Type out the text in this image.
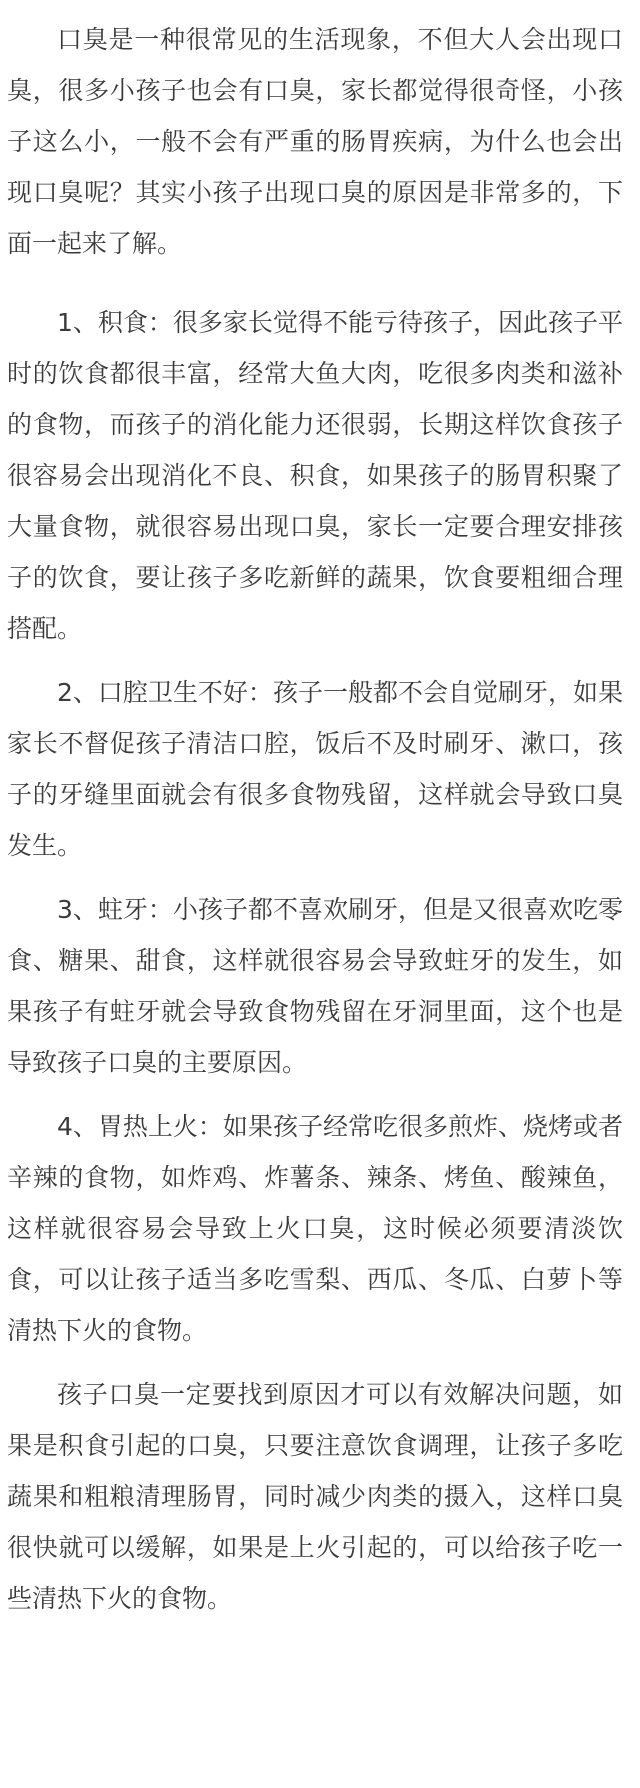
口臭是一种很常见的生活现象，不但大人会出现口臭，很多小孩子也会有口臭，家长都觉得很奇怪，小孩子这么小，一般不会有严重的肠胃疾病，为什么也会出现口臭呢？其实小孩子出现口臭的原因是非常多的，下面一起来了解。

1、积食：很多家长觉得不能亏待孩子，因此孩子平时的饮食都很丰富，经常大鱼大肉，吃很多肉类和滋补的食物，而孩子的消化能力还很弱，长期这样饮食孩子很容易会出现消化不良、积食，如果孩子的肠胃积聚了大量食物，就很容易出现口臭，家长一定要合理安排孩子的饮食，要让孩子多吃新鲜的蔬果，饮食要粗细合理搭配。

2、口腔卫生不好：孩子一般都不会自觉刷牙，如果家长不督促孩子清洁口腔，饭后不及时刷牙、漱口，孩子的牙缝里面就会有很多食物残留，这样就会导致口臭发生。

3、蛀牙：小孩子都不喜欢刷牙，但是又很喜欢吃零食、糖果、甜食，这样就很容易会导致蛀牙的发生，如果孩子有蛀牙就会导致食物残留在牙洞里面，这个也是导致孩子口臭的主要原因。

4、胃热上火：如果孩子经常吃很多煎炸、烧烤或者辛辣的食物，如炸鸡、炸薯条、辣条、烤鱼、酸辣鱼，这样就很容易会导致上火口臭，这时候必须要清淡饮食，可以让孩子适当多吃雪梨、西瓜、冬瓜、白萝卜等清热下火的食物。

孩子口臭一定要找到原因才可以有效解决问题，如果是积食引起的口臭，只要注意饮食调理，让孩子多吃蔬果和粗粮清理肠胃，同时减少肉类的摄入，这样口臭很快就可以缓解，如果是上火引起的，可以给孩子吃一些清热下火的食物。
